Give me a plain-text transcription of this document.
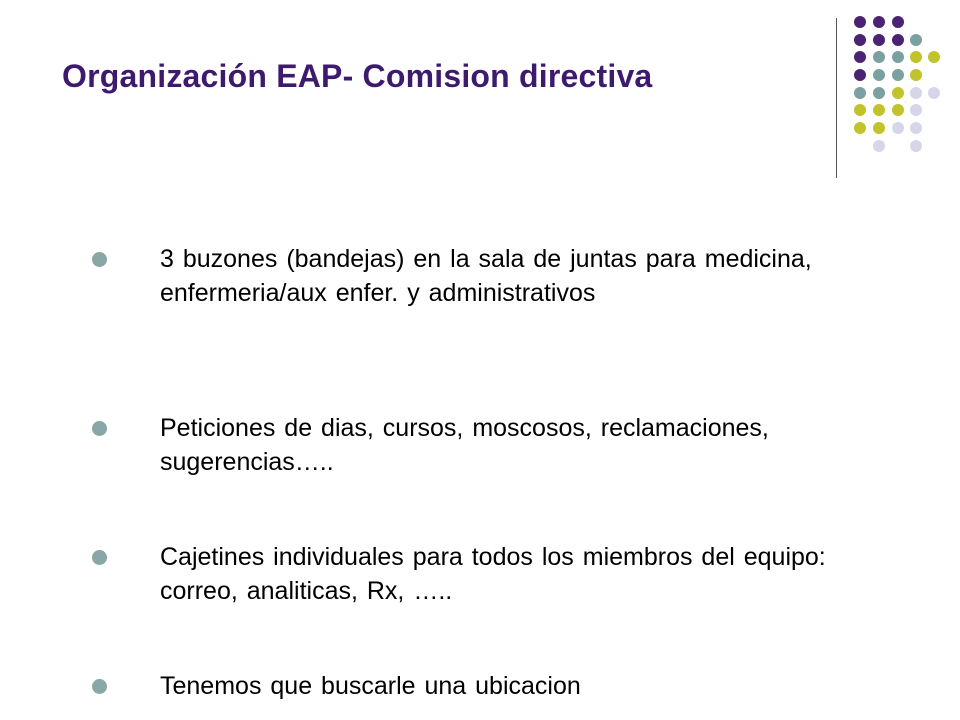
Organización EAP- Comision directiva
3 buzones (bandejas) en la sala de juntas para medicina, enfermeria/aux enfer. y administrativos
Peticiones de dias, cursos, moscosos, reclamaciones, sugerencias…..
Cajetines individuales para todos los miembros del equipo: correo, analiticas, Rx, …..
Tenemos que buscarle una ubicacion
